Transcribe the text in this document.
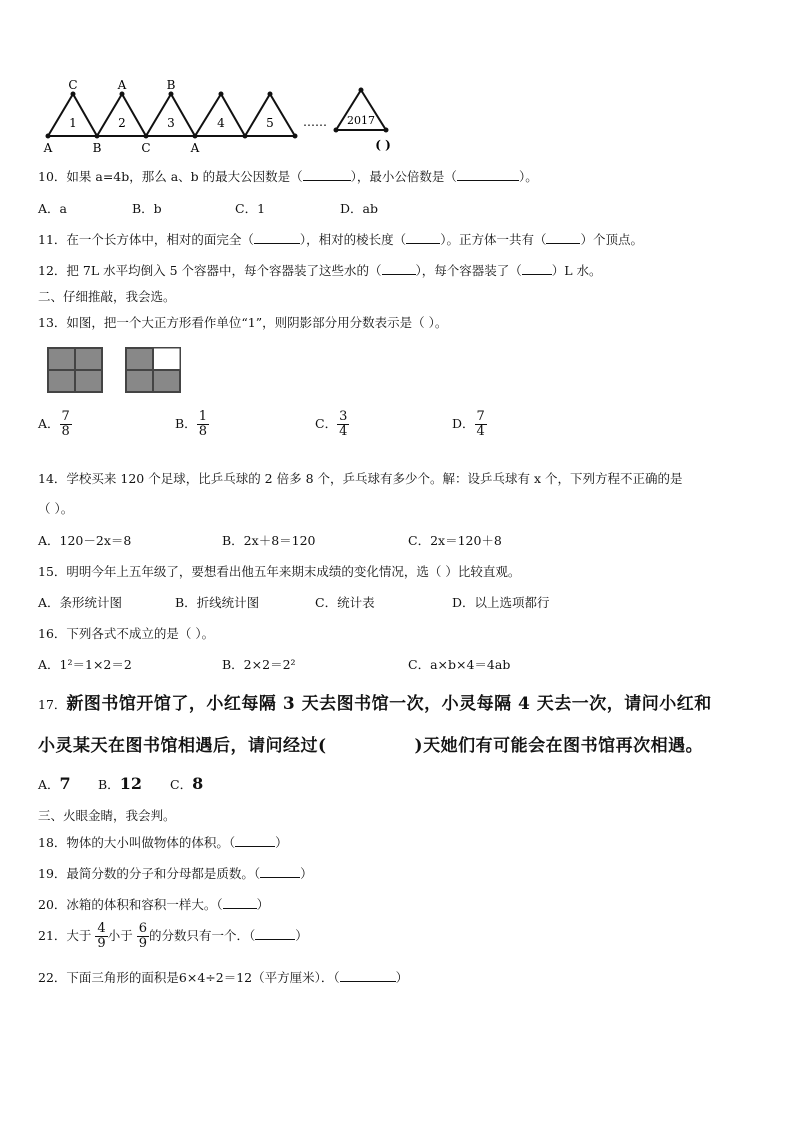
C	A	B
A	B	C	A
1	2	3	4	5 …… 2017
( )
10．如果 a=4b，那么 a、b 的最大公因数是（	），最小公倍数是（	）。
A．a	B．b	C．1	D．ab
11．在一个长方体中，相对的面完全（	），相对的棱长度（	）。正方体一共有（	）个顶点。
12．把 7L 水平均倒入 5 个容器中，每个容器装了这些水的（	），每个容器装了（ ）L 水。
二、仔细推敲，我会选。
13．如图，把一个大正方形看作单位“1”，则阴影部分用分数表示是（ ）。
A． $\frac{7}{8}$	B． $\frac{1}{8}$	C． $\frac{3}{4}$	D． $\frac{7}{4}$
14．学校买来 120 个足球，比乒乓球的 2 倍多 8 个，乒乓球有多少个。解：设乒乓球有 x 个，下列方程不正确的是
（ ）。
A．120－2x＝8	B．2x＋8＝120	C．2x＝120＋8
15．明明今年上五年级了，要想看出他五年来期末成绩的变化情况，选（ ）比较直观。
A．条形统计图	B．折线统计图	C．统计表	D．以上选项都行
16．下列各式不成立的是（ ）。
A．1²＝1×2＝2	B．2×2＝2²	C．a×b×4＝4ab
17．新图书馆开馆了，小红每隔 3 天去图书馆一次，小灵每隔 4 天去一次，请问小红和
小灵某天在图书馆相遇后，请问经过(	)天她们有可能会在图书馆再次相遇。
A．7 B．12 C．8
三、火眼金睛，我会判。
18．物体的大小叫做物体的体积。（	）
19．最简分数的分子和分母都是质数。（	）
20．冰箱的体积和容积一样大。（	）
21．大于 $\frac{4}{9}$ 小于 $\frac{6}{9}$ 的分数只有一个．（	）
22．下面三角形的面积是6×4÷2＝12（平方厘米）．（	）
